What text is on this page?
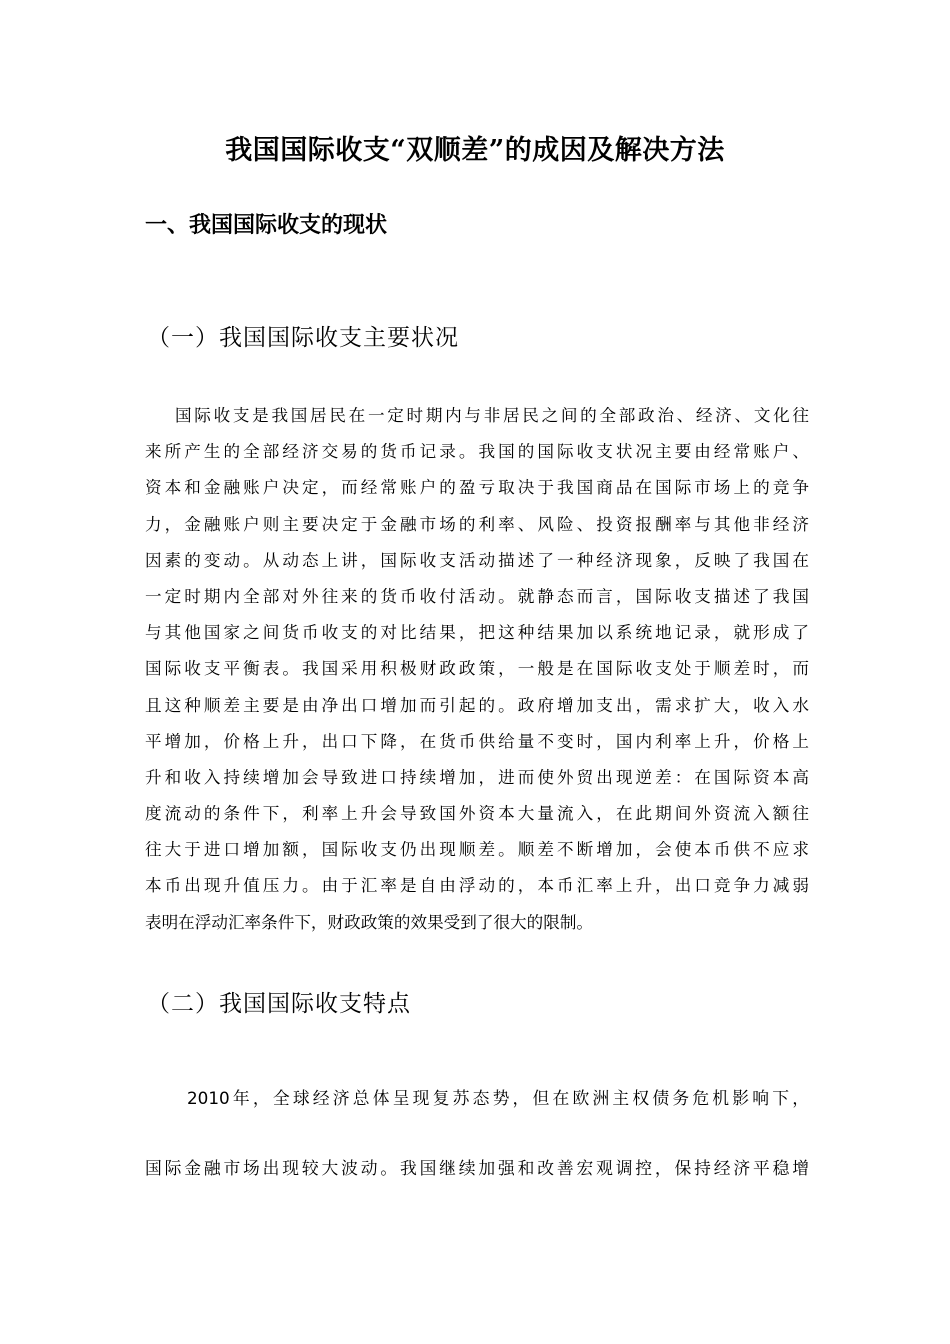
我国国际收支“双顺差”的成因及解决方法
一、我国国际收支的现状
（一）我国国际收支主要状况
国际收支是我国居民在一定时期内与非居民之间的全部政治、经济、文化往
来所产生的全部经济交易的货币记录。我国的国际收支状况主要由经常账户、
资本和金融账户决定，而经常账户的盈亏取决于我国商品在国际市场上的竞争
力，金融账户则主要决定于金融市场的利率、风险、投资报酬率与其他非经济
因素的变动。从动态上讲，国际收支活动描述了一种经济现象，反映了我国在
一定时期内全部对外往来的货币收付活动。就静态而言，国际收支描述了我国
与其他国家之间货币收支的对比结果，把这种结果加以系统地记录，就形成了
国际收支平衡表。我国采用积极财政政策，一般是在国际收支处于顺差时，而
且这种顺差主要是由净出口增加而引起的。政府增加支出，需求扩大，收入水
平增加，价格上升，出口下降，在货币供给量不变时，国内利率上升，价格上
升和收入持续增加会导致进口持续增加，进而使外贸出现逆差：在国际资本高
度流动的条件下，利率上升会导致国外资本大量流入，在此期间外资流入额往
往大于进口增加额，国际收支仍出现顺差。顺差不断增加，会使本币供不应求
本币出现升值压力。由于汇率是自由浮动的，本币汇率上升，出口竞争力减弱
表明在浮动汇率条件下，财政政策的效果受到了很大的限制。
（二）我国国际收支特点
2010年，全球经济总体呈现复苏态势，但在欧洲主权债务危机影响下，
国际金融市场出现较大波动。我国继续加强和改善宏观调控，保持经济平稳增
